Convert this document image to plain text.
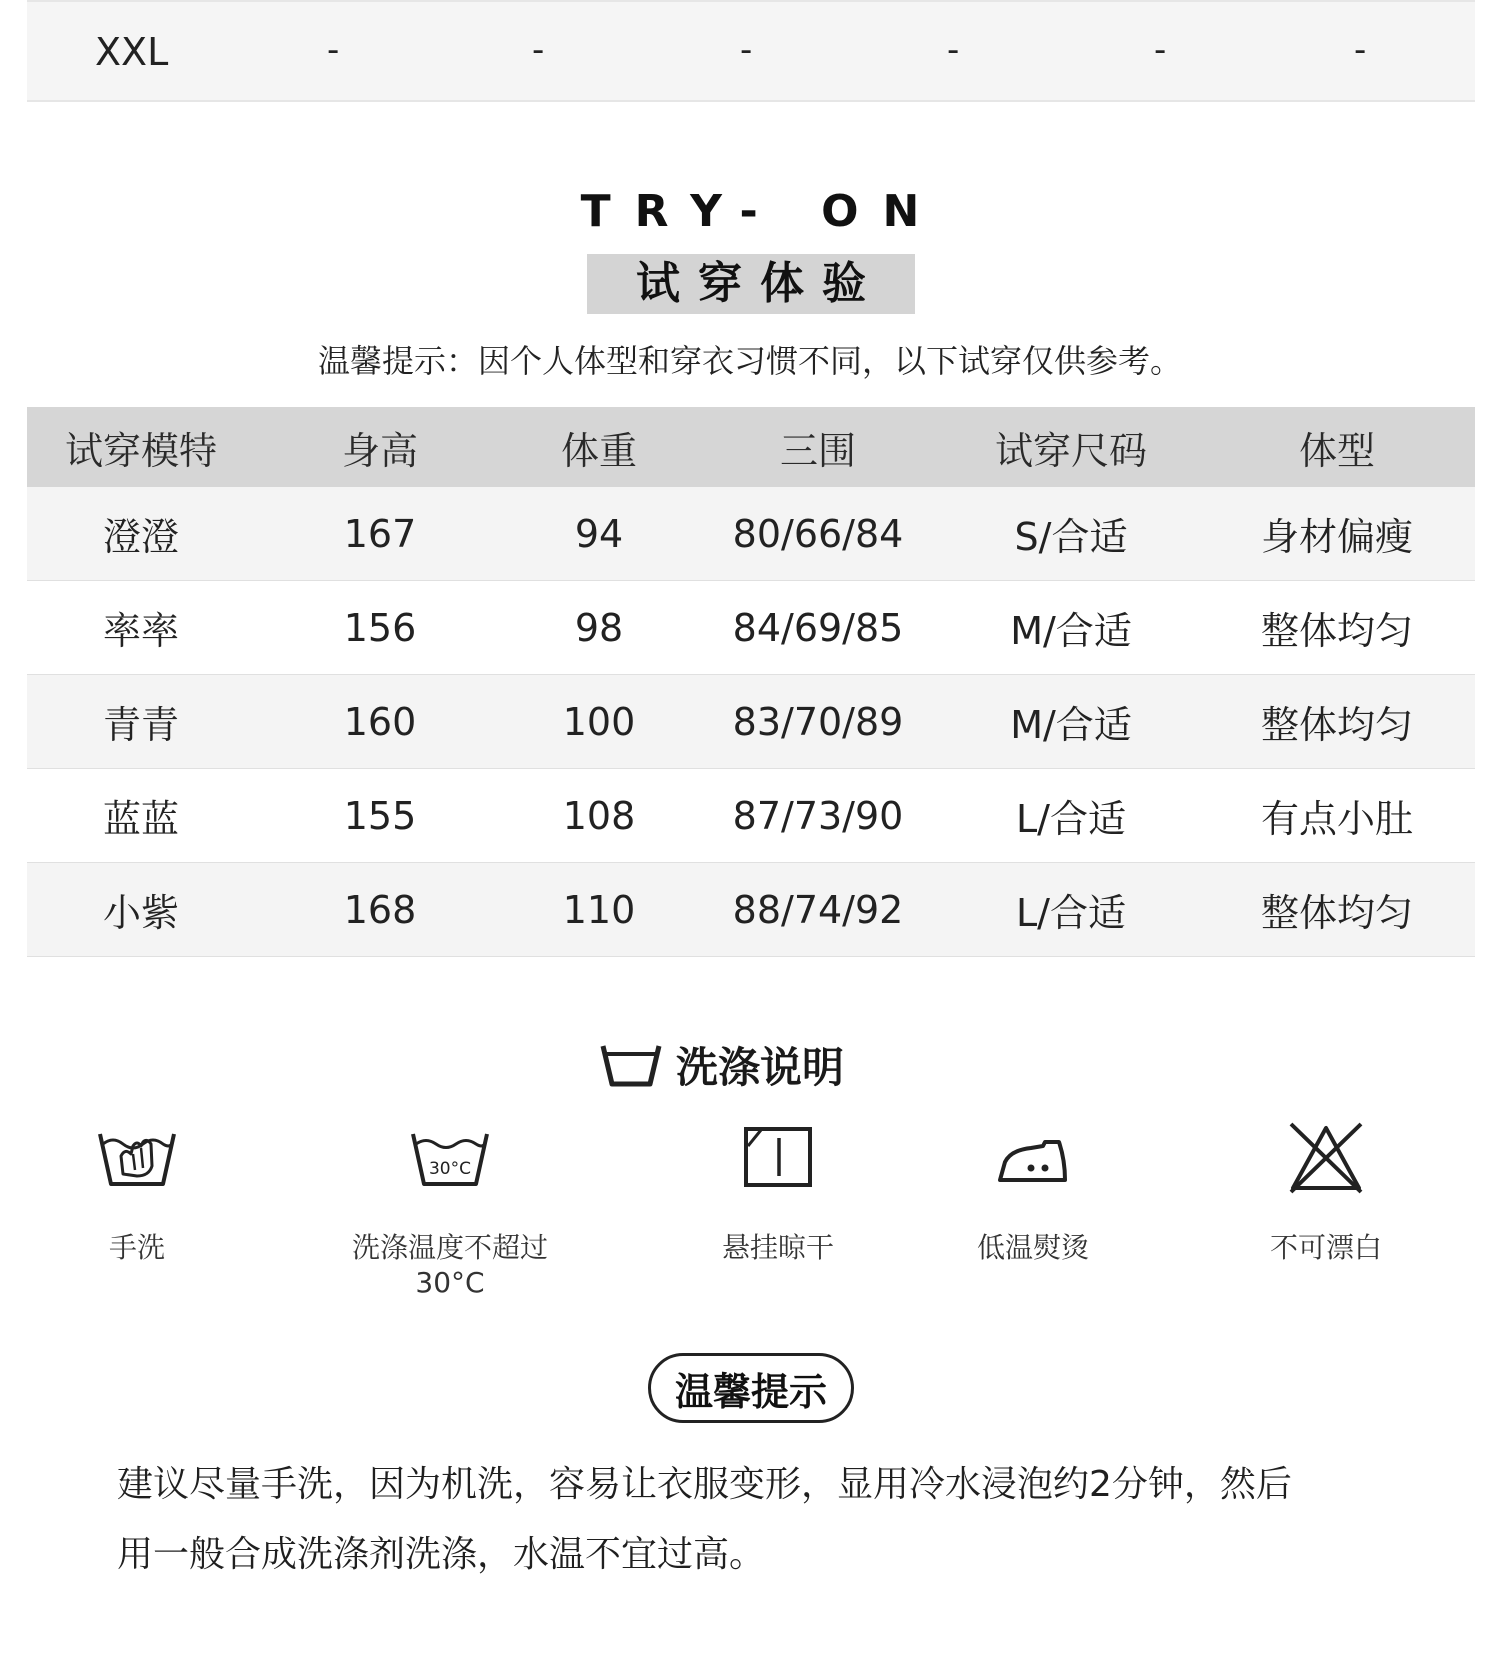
XXL	-	-	-	-	-	-
TRY- ON
试穿体验
温馨提示：因个人体型和穿衣习惯不同，以下试穿仅供参考。
试穿模特	身高	体重	三围	试穿尺码	体型
澄澄	167	94	80/66/84	S/合适	身材偏瘦
率率	156	98	84/69/85	M/合适	整体均匀
青青	160	100	83/70/89	M/合适	整体均匀
蓝蓝	155	108	87/73/90	L/合适	有点小肚
小紫	168	110	88/74/92	L/合适	整体均匀
洗涤说明
手洗
30°C
洗涤温度不超过30°C
悬挂晾干	低温熨烫	不可漂白
温馨提示
建议尽量手洗，因为机洗，容易让衣服变形，显用冷水浸泡约2分钟，然后
用一般合成洗涤剂洗涤，水温不宜过高。
